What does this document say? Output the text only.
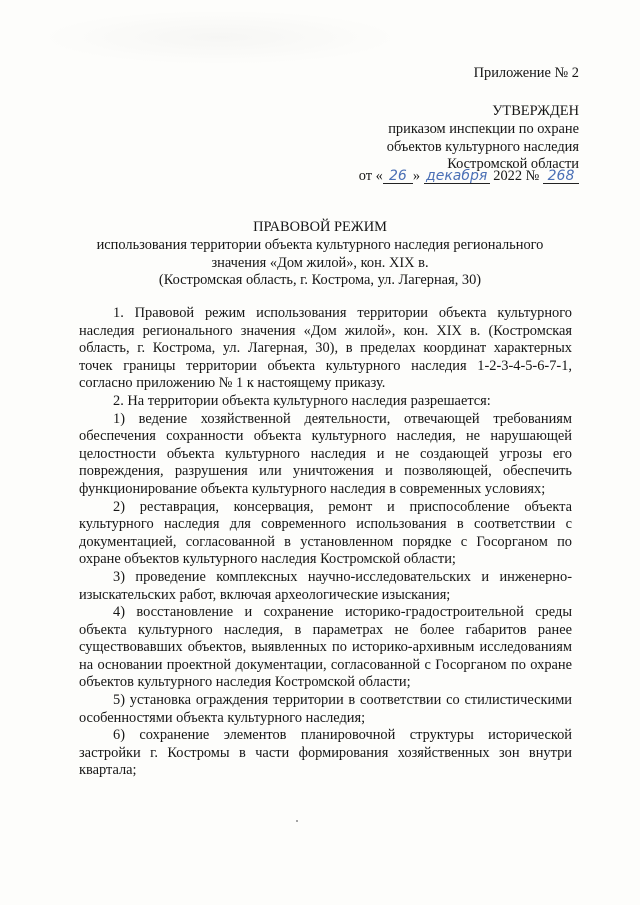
Приложение № 2
УТВЕРЖДЕН
приказом инспекции по охране
объектов культурного наследия
Костромской области
от « 26 » декабря 2022 № 268
ПРАВОВОЙ РЕЖИМ
использования территории объекта культурного наследия регионального
значения «Дом жилой», кон. XIX в.
(Костромская область, г. Кострома, ул. Лагерная, 30)

1. Правовой режим использования территории объекта культурного наследия регионального значения «Дом жилой», кон. XIX в. (Костромская область, г. Кострома, ул. Лагерная, 30), в пределах координат характерных точек границы территории объекта культурного наследия 1-2-3-4-5-6-7-1, согласно приложению № 1 к настоящему приказу.

2. На территории объекта культурного наследия разрешается:

1) ведение хозяйственной деятельности, отвечающей требованиям обеспечения сохранности объекта культурного наследия, не нарушающей целостности объекта культурного наследия и не создающей угрозы его повреждения, разрушения или уничтожения и позволяющей, обеспечить функционирование объекта культурного наследия в современных условиях;

2) реставрация, консервация, ремонт и приспособление объекта культурного наследия для современного использования в соответствии с документацией, согласованной в установленном порядке с Госорганом по охране объектов культурного наследия Костромской области;

3) проведение комплексных научно-исследовательских и инженерно-изыскательских работ, включая археологические изыскания;

4) восстановление и сохранение историко-градостроительной среды объекта культурного наследия, в параметрах не более габаритов ранее существовавших объектов, выявленных по историко-архивным исследованиям на основании проектной документации, согласованной с Госорганом по охране объектов культурного наследия Костромской области;

5) установка ограждения территории в соответствии со стилистическими особенностями объекта культурного наследия;

6) сохранение элементов планировочной структуры исторической застройки г. Костромы в части формирования хозяйственных зон внутри квартала;
